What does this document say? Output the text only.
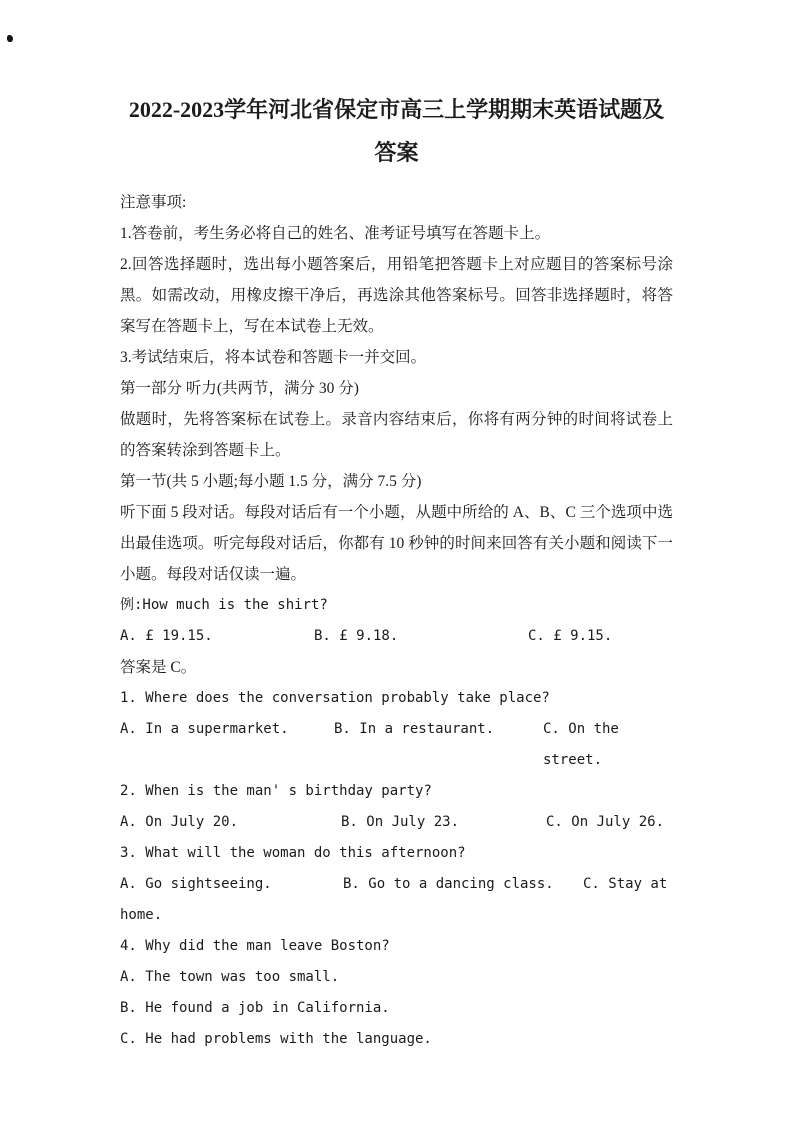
2022-2023学年河北省保定市高三上学期期末英语试题及
答案

注意事项:

1.答卷前，考生务必将自己的姓名、准考证号填写在答题卡上。

2.回答选择题时，选出每小题答案后，用铅笔把答题卡上对应题目的答案标号涂黑。如需改动，用橡皮擦干净后，再选涂其他答案标号。回答非选择题时，将答案写在答题卡上，写在本试卷上无效。

3.考试结束后，将本试卷和答题卡一并交回。

第一部分 听力(共两节，满分 30 分)

做题时，先将答案标在试卷上。录音内容结束后，你将有两分钟的时间将试卷上的答案转涂到答题卡上。

第一节(共 5 小题;每小题 1.5 分，满分 7.5 分)

听下面 5 段对话。每段对话后有一个小题，从题中所给的 A、B、C 三个选项中选出最佳选项。听完每段对话后，你都有 10 秒钟的时间来回答有关小题和阅读下一小题。每段对话仅读一遍。

例:How much is the shirt?

A. £ 19.15.	B. £ 9.18.	C. £ 9.15.

答案是 C。

1. Where does the conversation probably take place?

A. In a supermarket.	B. In a restaurant.	C. On the street.

2. When is the man' s birthday party?

A. On July 20.	B. On July 23.	C. On July 26.

3. What will the woman do this afternoon?

A. Go sightseeing.	B. Go to a dancing class.	C. Stay at

home.

4. Why did the man leave Boston?

A. The town was too small.

B. He found a job in California.

C. He had problems with the language.
